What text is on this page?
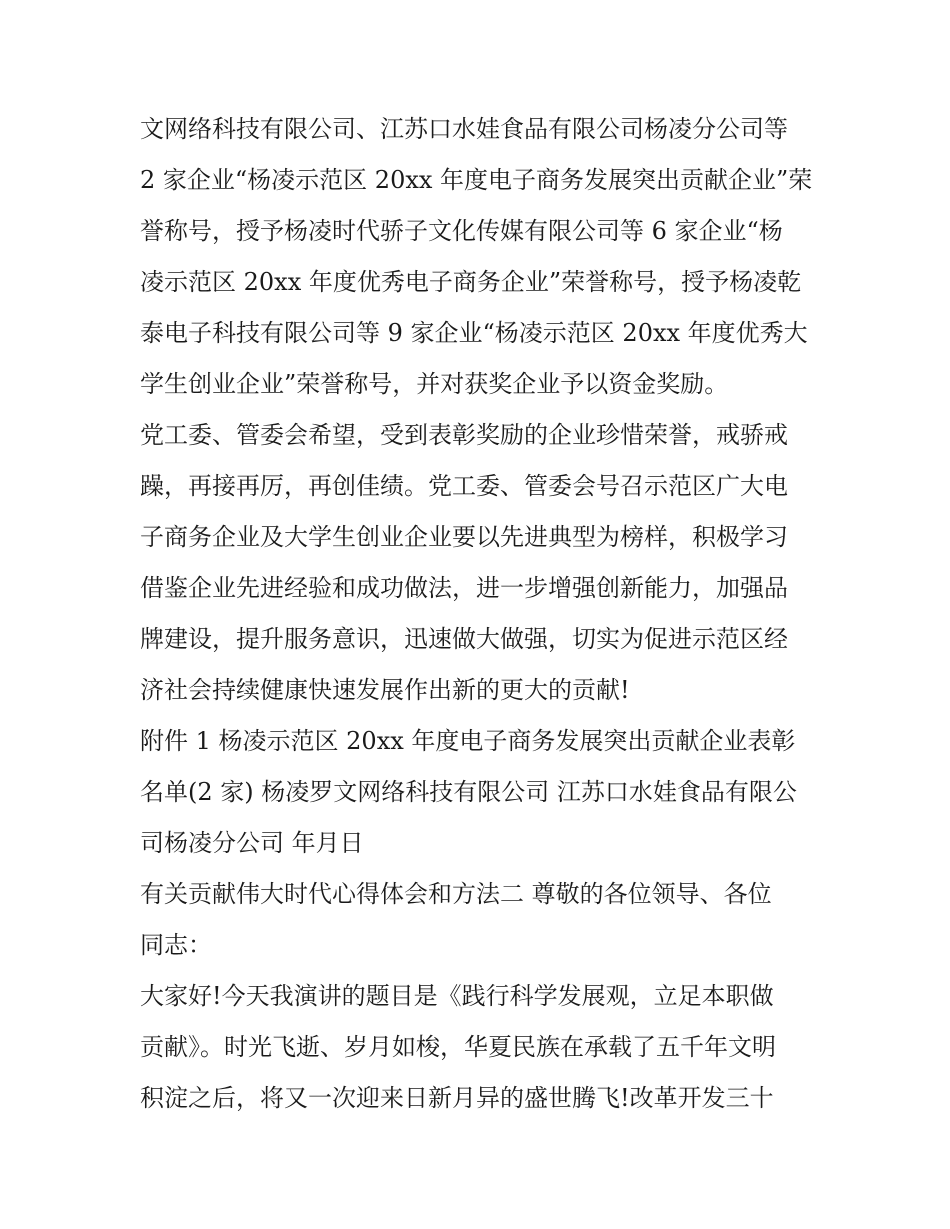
文网络科技有限公司、江苏口水娃食品有限公司杨凌分公司等
2 家企业“杨凌示范区 20xx 年度电子商务发展突出贡献企业”荣
誉称号，授予杨凌时代骄子文化传媒有限公司等 6 家企业“杨
凌示范区 20xx 年度优秀电子商务企业”荣誉称号，授予杨凌乾
泰电子科技有限公司等 9 家企业“杨凌示范区 20xx 年度优秀大
学生创业企业”荣誉称号，并对获奖企业予以资金奖励。

党工委、管委会希望，受到表彰奖励的企业珍惜荣誉，戒骄戒
躁，再接再厉，再创佳绩。党工委、管委会号召示范区广大电
子商务企业及大学生创业企业要以先进典型为榜样，积极学习
借鉴企业先进经验和成功做法，进一步增强创新能力，加强品
牌建设，提升服务意识，迅速做大做强，切实为促进示范区经
济社会持续健康快速发展作出新的更大的贡献!

附件 1 杨凌示范区 20xx 年度电子商务发展突出贡献企业表彰
名单(2 家) 杨凌罗文网络科技有限公司 江苏口水娃食品有限公
司杨凌分公司 年月日

有关贡献伟大时代心得体会和方法二 尊敬的各位领导、各位
同志：

大家好!今天我演讲的题目是《践行科学发展观，立足本职做
贡献》。时光飞逝、岁月如梭，华夏民族在承载了五千年文明
积淀之后，将又一次迎来日新月异的盛世腾飞!改革开发三十
